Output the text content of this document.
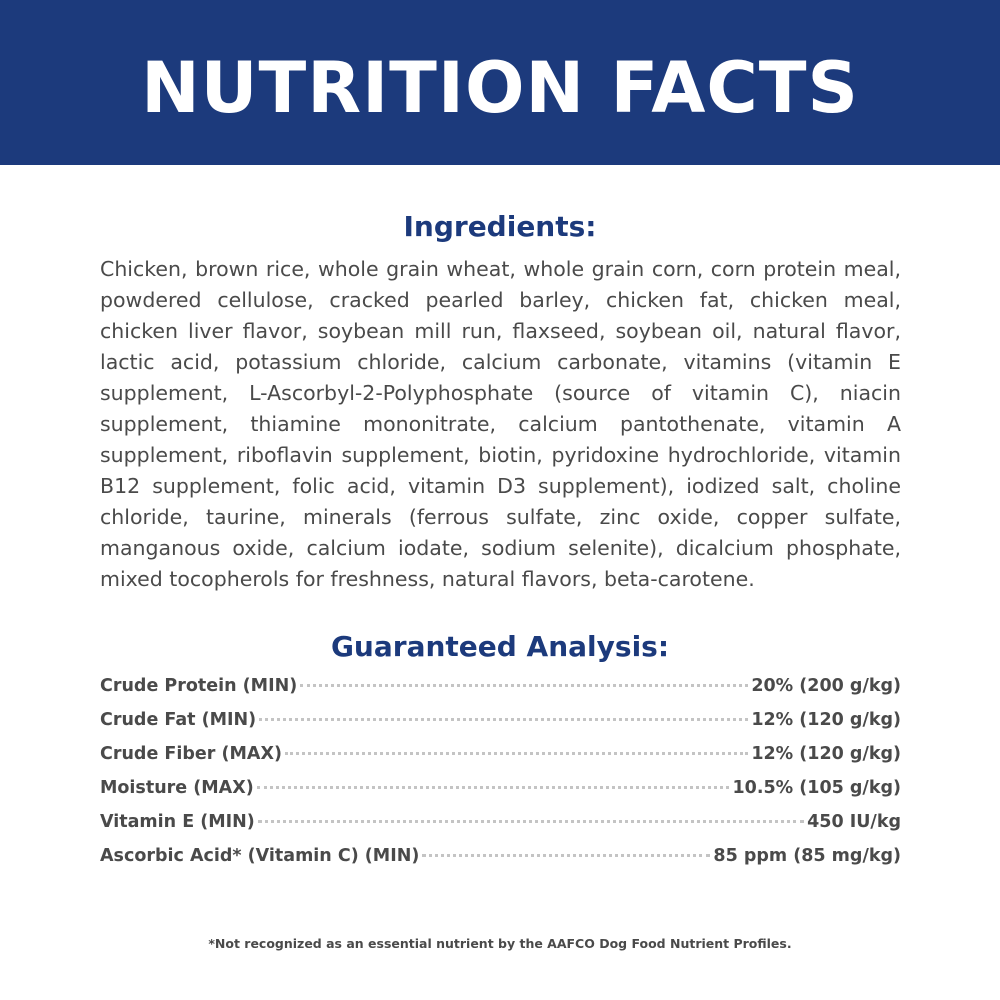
NUTRITION FACTS
Ingredients:

Chicken, brown rice, whole grain wheat, whole grain corn, corn protein meal, powdered cellulose, cracked pearled barley, chicken fat, chicken meal, chicken liver flavor, soybean mill run, flaxseed, soybean oil, natural flavor, lactic acid, potassium chloride, calcium carbonate, vitamins (vitamin E supplement, L-Ascorbyl-2-Polyphosphate (source of vitamin C), niacin supplement, thiamine mononitrate, calcium pantothenate, vitamin A supplement, riboflavin supplement, biotin, pyridoxine hydrochloride, vitamin B12 supplement, folic acid, vitamin D3 supplement), iodized salt, choline chloride, taurine, minerals (ferrous sulfate, zinc oxide, copper sulfate, manganous oxide, calcium iodate, sodium selenite), dicalcium phosphate, mixed tocopherols for freshness, natural flavors, beta-carotene.

Guaranteed Analysis:
Crude Protein (MIN)	20% (200 g/kg)
Crude Fat (MIN)	12% (120 g/kg)
Crude Fiber (MAX)	12% (120 g/kg)
Moisture (MAX)	10.5% (105 g/kg)
Vitamin E (MIN)	450 IU/kg
Ascorbic Acid* (Vitamin C) (MIN)	85 ppm (85 mg/kg)
*Not recognized as an essential nutrient by the AAFCO Dog Food Nutrient Profiles.
